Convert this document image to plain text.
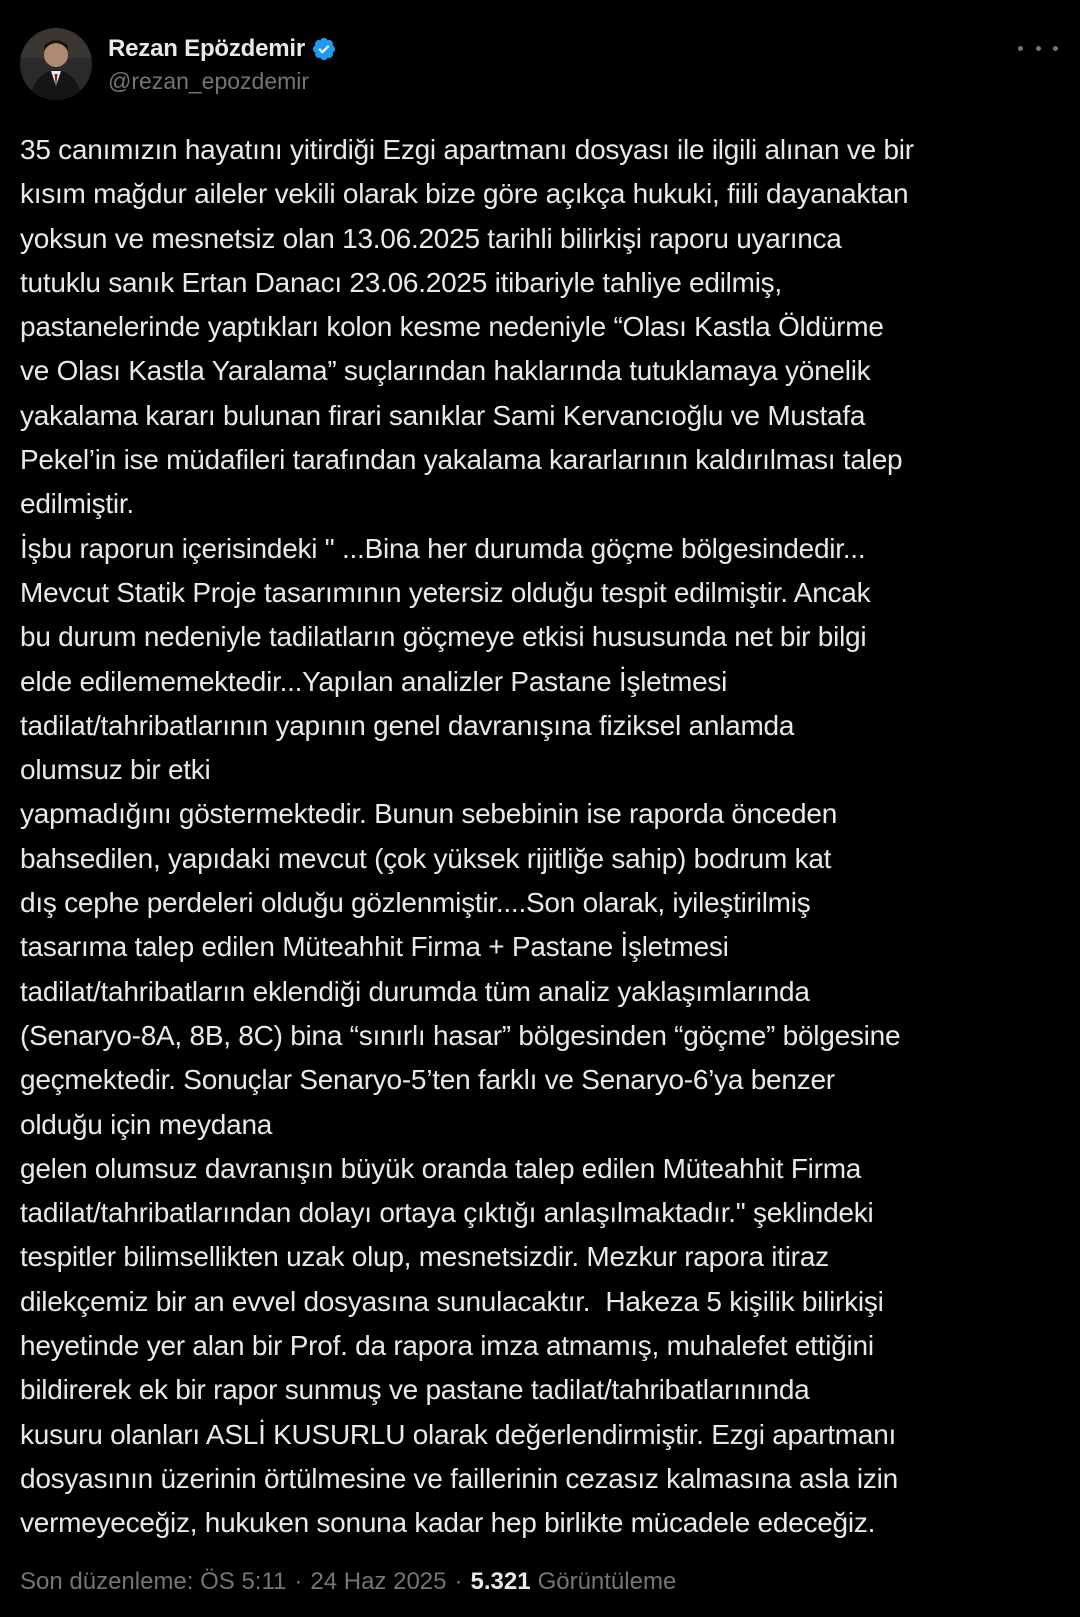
Rezan Epözdemir
@rezan_epozdemir
35 canımızın hayatını yitirdiği Ezgi apartmanı dosyası ile ilgili alınan ve bir
kısım mağdur aileler vekili olarak bize göre açıkça hukuki, fiili dayanaktan
yoksun ve mesnetsiz olan 13.06.2025 tarihli bilirkişi raporu uyarınca
tutuklu sanık Ertan Danacı 23.06.2025 itibariyle tahliye edilmiş,
pastanelerinde yaptıkları kolon kesme nedeniyle “Olası Kastla Öldürme
ve Olası Kastla Yaralama” suçlarından haklarında tutuklamaya yönelik
yakalama kararı bulunan firari sanıklar Sami Kervancıoğlu ve Mustafa
Pekel’in ise müdafileri tarafından yakalama kararlarının kaldırılması talep
edilmiştir.
İşbu raporun içerisindeki " ...Bina her durumda göçme bölgesindedir...
Mevcut Statik Proje tasarımının yetersiz olduğu tespit edilmiştir. Ancak
bu durum nedeniyle tadilatların göçmeye etkisi hususunda net bir bilgi
elde edilememektedir...Yapılan analizler Pastane İşletmesi
tadilat/tahribatlarının yapının genel davranışına fiziksel anlamda
olumsuz bir etki
yapmadığını göstermektedir. Bunun sebebinin ise raporda önceden
bahsedilen, yapıdaki mevcut (çok yüksek rijitliğe sahip) bodrum kat
dış cephe perdeleri olduğu gözlenmiştir....Son olarak, iyileştirilmiş
tasarıma talep edilen Müteahhit Firma + Pastane İşletmesi
tadilat/tahribatların eklendiği durumda tüm analiz yaklaşımlarında
(Senaryo-8A, 8B, 8C) bina “sınırlı hasar” bölgesinden “göçme” bölgesine
geçmektedir. Sonuçlar Senaryo-5’ten farklı ve Senaryo-6’ya benzer
olduğu için meydana
gelen olumsuz davranışın büyük oranda talep edilen Müteahhit Firma
tadilat/tahribatlarından dolayı ortaya çıktığı anlaşılmaktadır." şeklindeki
tespitler bilimsellikten uzak olup, mesnetsizdir. Mezkur rapora itiraz
dilekçemiz bir an evvel dosyasına sunulacaktır.  Hakeza 5 kişilik bilirkişi
heyetinde yer alan bir Prof. da rapora imza atmamış, muhalefet ettiğini
bildirerek ek bir rapor sunmuş ve pastane tadilat/tahribatlarınında
kusuru olanları ASLİ KUSURLU olarak değerlendirmiştir. Ezgi apartmanı
dosyasının üzerinin örtülmesine ve faillerinin cezasız kalmasına asla izin
vermeyeceğiz, hukuken sonuna kadar hep birlikte mücadele edeceğiz.
Son düzenleme: ÖS 5:11 · 24 Haz 2025 · 5.321 Görüntüleme
